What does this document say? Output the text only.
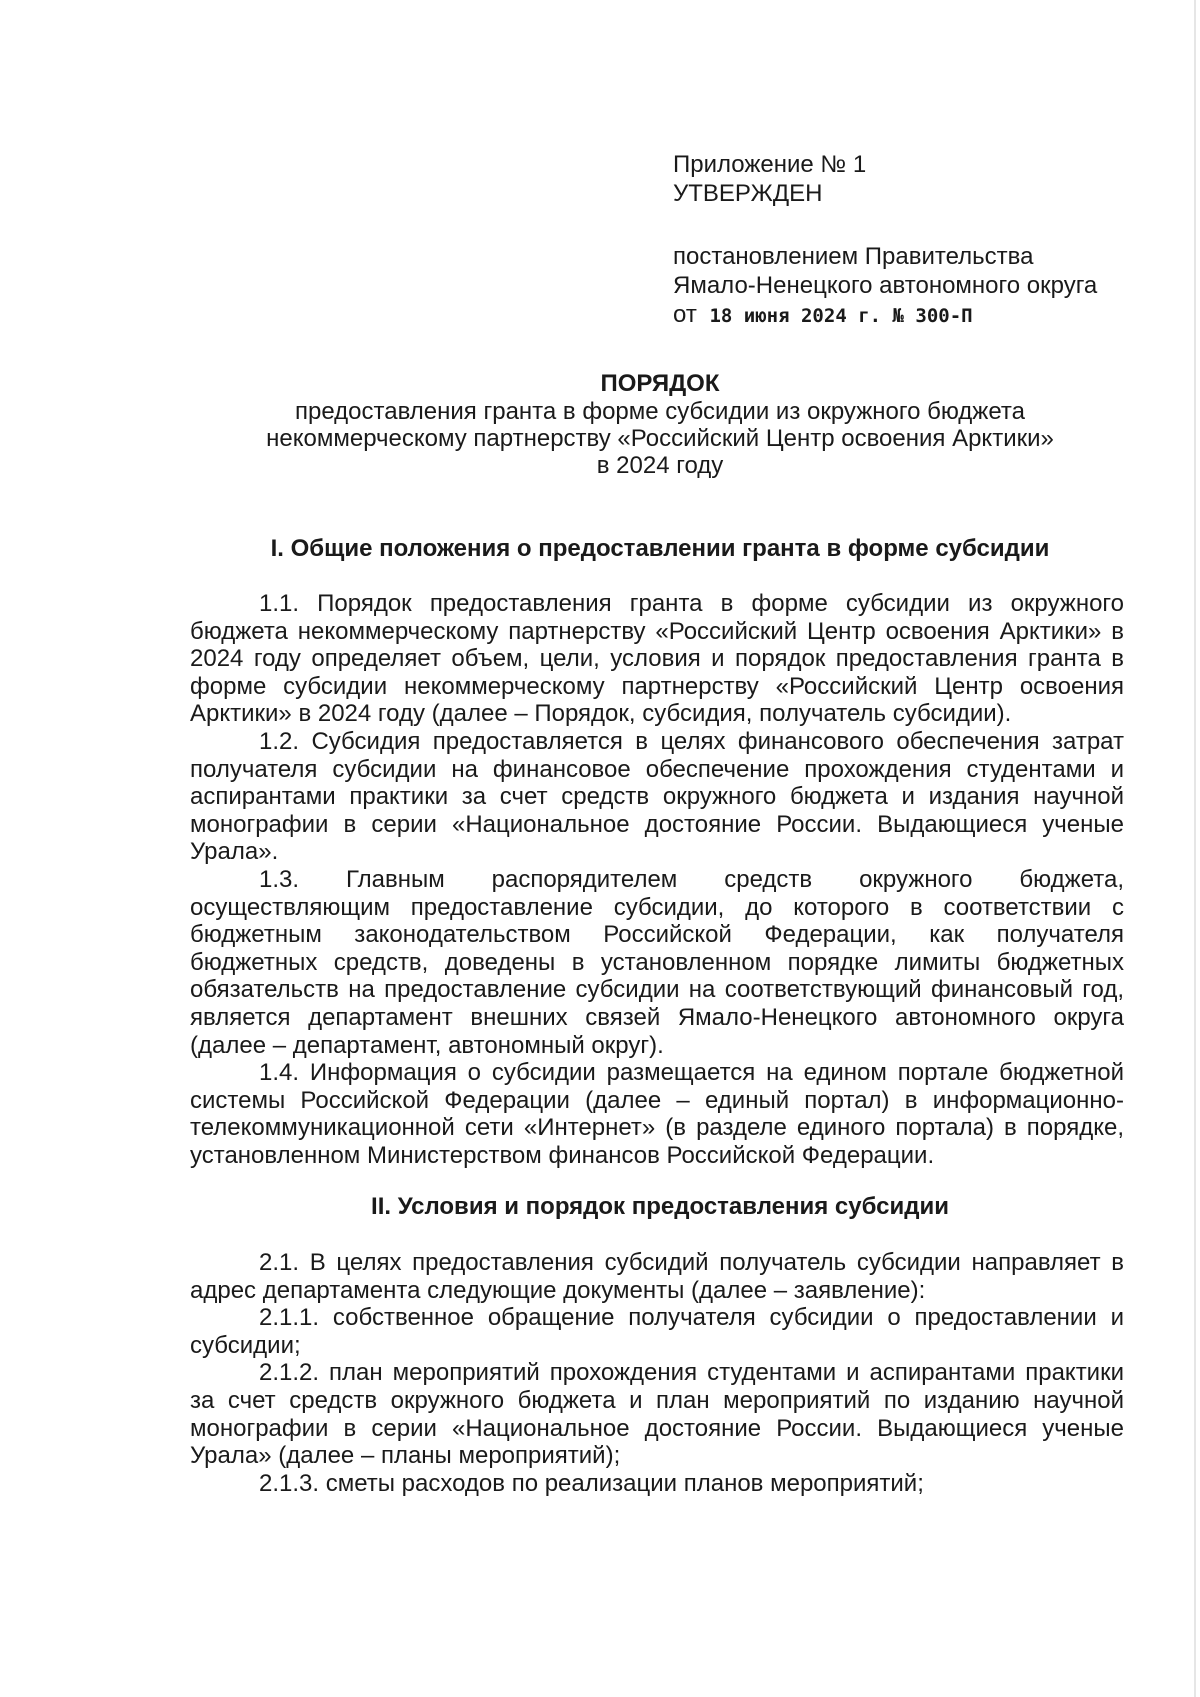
Приложение № 1
УТВЕРЖДЕН
постановлением Правительства
Ямало-Ненецкого автономного округа
от 18 июня 2024 г. № 300-П
ПОРЯДОК
предоставления гранта в форме субсидии из окружного бюджета
некоммерческому партнерству «Российский Центр освоения Арктики»
в 2024 году
I. Общие положения о предоставлении гранта в форме субсидии

1.1. Порядок предоставления гранта в форме субсидии из окружного бюджета некоммерческому партнерству «Российский Центр освоения Арктики» в 2024 году определяет объем, цели, условия и порядок предоставления гранта в форме субсидии некоммерческому партнерству «Российский Центр освоения Арктики» в 2024 году (далее – Порядок, субсидия, получатель субсидии).

1.2. Субсидия предоставляется в целях финансового обеспечения затрат получателя субсидии на финансовое обеспечение прохождения студентами и аспирантами практики за счет средств окружного бюджета и издания научной монографии в серии «Национальное достояние России. Выдающиеся ученые Урала».

1.3. Главным распорядителем средств окружного бюджета, осуществляющим предоставление субсидии, до которого в соответствии с бюджетным законодательством Российской Федерации, как получателя бюджетных средств, доведены в установленном порядке лимиты бюджетных обязательств на предоставление субсидии на соответствующий финансовый год, является департамент внешних связей Ямало-Ненецкого автономного округа (далее – департамент, автономный округ).

1.4. Информация о субсидии размещается на едином портале бюджетной системы Российской Федерации (далее – единый портал) в информационно-телекоммуникационной сети «Интернет» (в разделе единого портала) в порядке, установленном Министерством финансов Российской Федерации.

II. Условия и порядок предоставления субсидии

2.1. В целях предоставления субсидий получатель субсидии направляет в адрес департамента следующие документы (далее – заявление):

2.1.1. собственное обращение получателя субсидии о предоставлении и субсидии;

2.1.2. план мероприятий прохождения студентами и аспирантами практики за счет средств окружного бюджета и план мероприятий по изданию научной монографии в серии «Национальное достояние России. Выдающиеся ученые Урала» (далее – планы мероприятий);

2.1.3. сметы расходов по реализации планов мероприятий;
